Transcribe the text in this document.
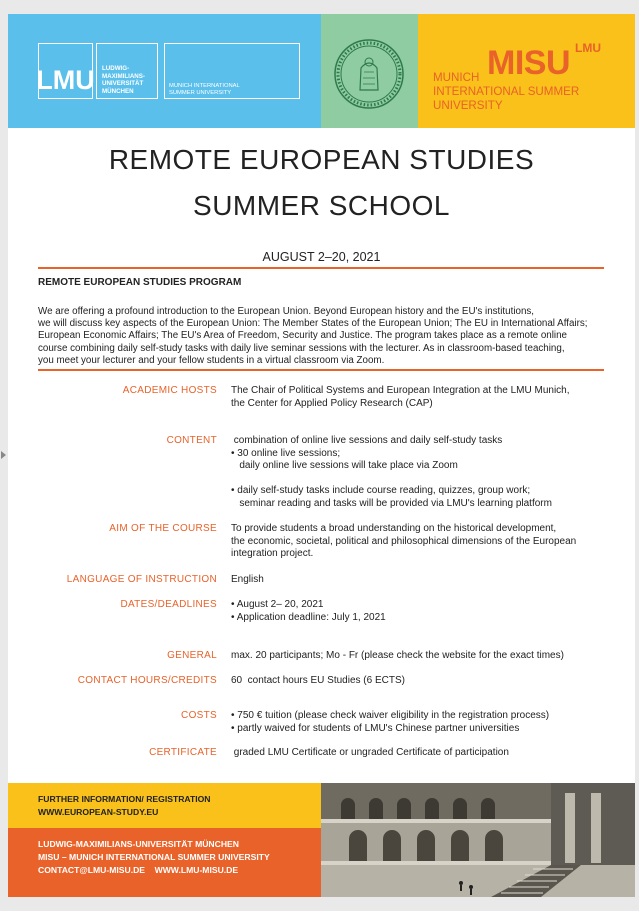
LMU LUDWIG-
MAXIMILIANS-
UNIVERSITÄT
MÜNCHEN
MUNICH INTERNATIONAL
SUMMER UNIVERSITY
MISU LMU
MUNICH
INTERNATIONAL SUMMER
UNIVERSITY
REMOTE EUROPEAN STUDIES
SUMMER SCHOOL
AUGUST 2–20, 2021
REMOTE EUROPEAN STUDIES PROGRAM
We are offering a profound introduction to the European Union. Beyond European history and the EU's institutions,
we will discuss key aspects of the European Union: The Member States of the European Union; The EU in International Affairs;
European Economic Affairs; The EU's Area of Freedom, Security and Justice. The program takes place as a remote online
course combining daily self-study tasks with daily live seminar sessions with the lecturer. As in classroom-based teaching,
you meet your lecturer and your fellow students in a virtual classroom via Zoom.
ACADEMIC HOSTS The Chair of Political Systems and European Integration at the LMU Munich,
the Center for Applied Policy Research (CAP)
CONTENT combination of online live sessions and daily self-study tasks
• 30 online live sessions;
daily online live sessions will take place via Zoom
• daily self-study tasks include course reading, quizzes, group work;
seminar reading and tasks will be provided via LMU's learning platform
AIM OF THE COURSE To provide students a broad understanding on the historical development,
the economic, societal, political and philosophical dimensions of the European
integration project.
LANGUAGE OF INSTRUCTION English
DATES/DEADLINES • August 2– 20, 2021
• Application deadline: July 1, 2021
GENERAL max. 20 participants; Mo - Fr (please check the website for the exact times)
CONTACT HOURS/CREDITS 60  contact hours EU Studies (6 ECTS)
COSTS • 750 € tuition (please check waiver eligibility in the registration process)
• partly waived for students of LMU's Chinese partner universities
CERTIFICATE graded LMU Certificate or ungraded Certificate of participation
FURTHER INFORMATION/ REGISTRATION
WWW.EUROPEAN-STUDY.EU
LUDWIG-MAXIMILIANS-UNIVERSITÄT MÜNCHEN
MISU – MUNICH INTERNATIONAL SUMMER UNIVERSITY
CONTACT@LMU-MISU.DE    WWW.LMU-MISU.DE
